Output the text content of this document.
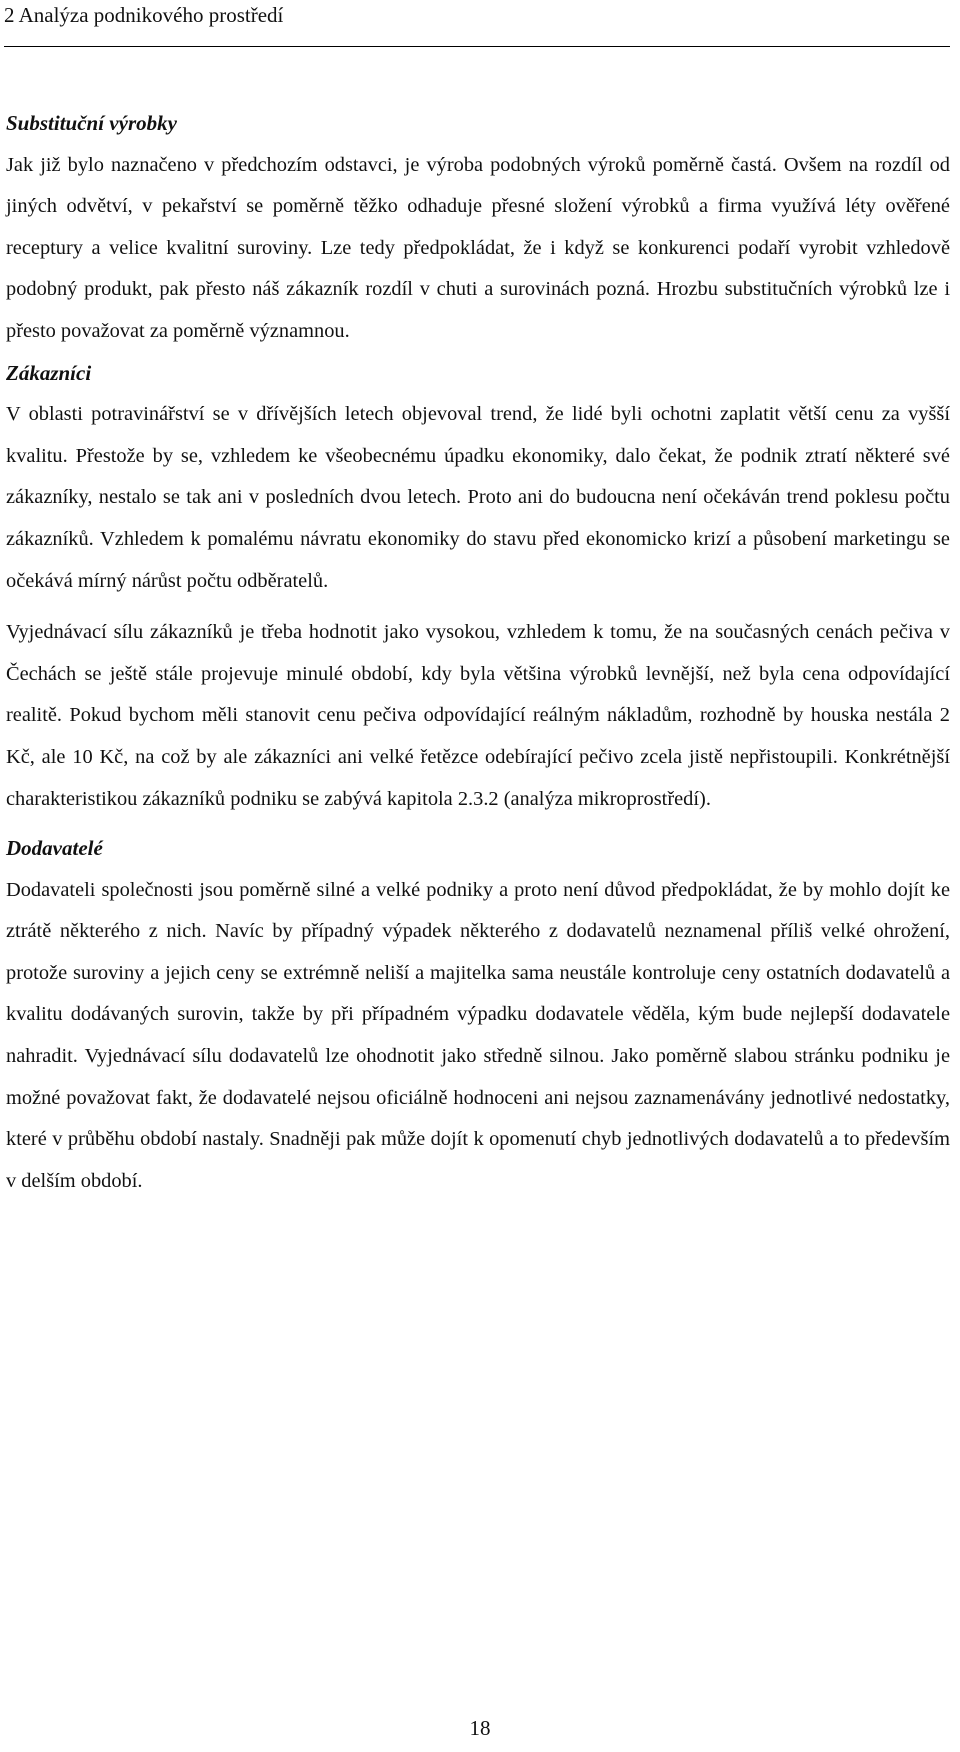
2 Analýza podnikového prostředí
Substituční výrobky

Jak již bylo naznačeno v předchozím odstavci, je výroba podobných výroků poměrně častá. Ovšem na rozdíl od jiných odvětví, v pekařství se poměrně těžko odhaduje přesné složení výrobků a firma využívá léty ověřené receptury a velice kvalitní suroviny. Lze tedy předpokládat, že i když se konkurenci podaří vyrobit vzhledově podobný produkt, pak přesto náš zákazník rozdíl v chuti a surovinách pozná. Hrozbu substitučních výrobků lze i přesto považovat za poměrně významnou.

Zákazníci

V oblasti potravinářství se v dřívějších letech objevoval trend, že lidé byli ochotni zaplatit větší cenu za vyšší kvalitu. Přestože by se, vzhledem ke všeobecnému úpadku ekonomiky, dalo čekat, že podnik ztratí některé své zákazníky, nestalo se tak ani v posledních dvou letech. Proto ani do budoucna není očekáván trend poklesu počtu zákazníků. Vzhledem k pomalému návratu ekonomiky do stavu před ekonomicko krizí a působení marketingu se očekává mírný nárůst počtu odběratelů.

Vyjednávací sílu zákazníků je třeba hodnotit jako vysokou, vzhledem k tomu, že na současných cenách pečiva v Čechách se ještě stále projevuje minulé období, kdy byla většina výrobků levnější, než byla cena odpovídající realitě. Pokud bychom měli stanovit cenu pečiva odpovídající reálným nákladům, rozhodně by houska nestála 2 Kč, ale 10 Kč, na což by ale zákazníci ani velké řetězce odebírající pečivo zcela jistě nepřistoupili. Konkrétnější charakteristikou zákazníků podniku se zabývá kapitola 2.3.2 (analýza mikroprostředí).

Dodavatelé

Dodavateli společnosti jsou poměrně silné a velké podniky a proto není důvod předpokládat, že by mohlo dojít ke ztrátě některého z nich. Navíc by případný výpadek některého z dodavatelů neznamenal příliš velké ohrožení, protože suroviny a jejich ceny se extrémně neliší a majitelka sama neustále kontroluje ceny ostatních dodavatelů a kvalitu dodávaných surovin, takže by při případném výpadku dodavatele věděla, kým bude nejlepší dodavatele nahradit. Vyjednávací sílu dodavatelů lze ohodnotit jako středně silnou. Jako poměrně slabou stránku podniku je možné považovat fakt, že dodavatelé nejsou oficiálně hodnoceni ani nejsou zaznamenávány jednotlivé nedostatky, které v průběhu období nastaly. Snadněji pak může dojít k opomenutí chyb jednotlivých dodavatelů a to především v delším období.

18
